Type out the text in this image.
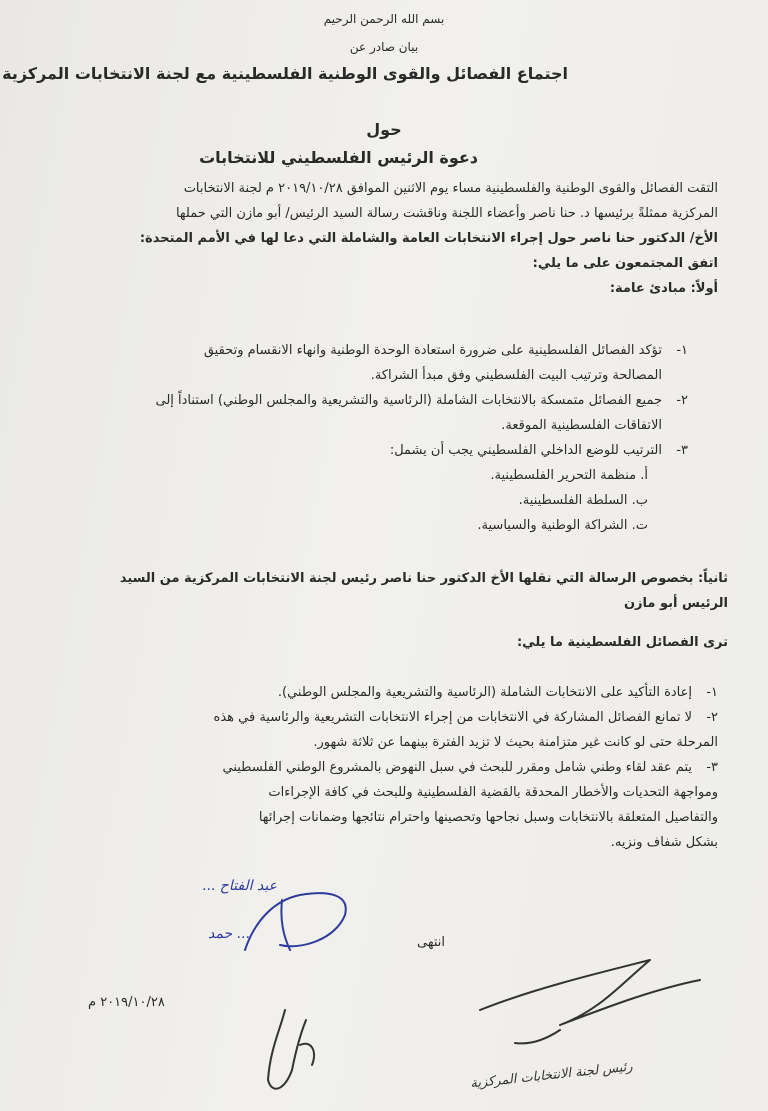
بسم الله الرحمن الرحيم
بيان صادر عن
اجتماع الفصائل والقوى الوطنية الفلسطينية مع لجنة الانتخابات المركزية
حول
دعوة الرئيس الفلسطيني للانتخابات
التقت الفصائل والقوى الوطنية والفلسطينية مساء يوم الاثنين الموافق ٢٠١٩/١٠/٢٨ م لجنة الانتخابات
المركزية ممثلةً برئيسها د. حنا ناصر وأعضاء اللجنة وناقشت رسالة السيد الرئيس/ أبو مازن التي حملها
الأخ/ الدكتور حنا ناصر حول إجراء الانتخابات العامة والشاملة التي دعا لها في الأمم المتحدة:
اتفق المجتمعون على ما يلي:
أولاً: مبادئ عامة:
١-
تؤكد الفصائل الفلسطينية على ضرورة استعادة الوحدة الوطنية وانهاء الانقسام وتحقيق
المصالحة وترتيب البيت الفلسطيني وفق مبدأ الشراكة.
٢-
جميع الفصائل متمسكة بالانتخابات الشاملة (الرئاسية والتشريعية والمجلس الوطني) استناداً إلى
الاتفاقات الفلسطينية الموقعة.
٣-
الترتيب للوضع الداخلي الفلسطيني يجب أن يشمل:
أ. منظمة التحرير الفلسطينية.
ب. السلطة الفلسطينية.
ت. الشراكة الوطنية والسياسية.
ثانياً: بخصوص الرسالة التي نقلها الأخ الدكتور حنا ناصر رئيس لجنة الانتخابات المركزية من السيد
الرئيس أبو مازن
ترى الفصائل الفلسطينية ما يلي:
١-
إعادة التأكيد على الانتخابات الشاملة (الرئاسية والتشريعية والمجلس الوطني).
٢-
لا تمانع الفصائل المشاركة في الانتخابات من إجراء الانتخابات التشريعية والرئاسية في هذه
المرحلة حتى لو كانت غير متزامنة بحيث لا تزيد الفترة بينهما عن ثلاثة شهور.
٣-
يتم عقد لقاء وطني شامل ومقرر للبحث في سبل النهوض بالمشروع الوطني الفلسطيني
ومواجهة التحديات والأخطار المحدقة بالقضية الفلسطينية وللبحث في كافة الإجراءات
والتفاصيل المتعلقة بالانتخابات وسبل نجاحها وتحصينها واحترام نتائجها وضمانات إجرائها
بشكل شفاف ونزيه.
انتهى
٢٠١٩/١٠/٢٨ م
عبد الفتاح ...
... حمد
رئيس لجنة الانتخابات المركزية
